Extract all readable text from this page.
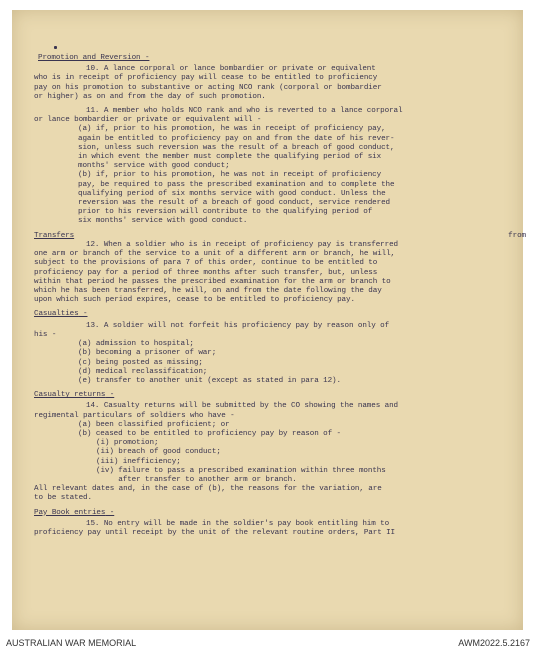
Promotion and Reversion -
10. A lance corporal or lance bombardier or private or equivalent
who is in receipt of proficiency pay will cease to be entitled to proficiency
pay on his promotion to substantive or acting NCO rank (corporal or bombardier
or higher) as on and from the day of such promotion.
11. A member who holds NCO rank and who is reverted to a lance corporal
or lance bombardier or private or equivalent will -
(a) if, prior to his promotion, he was in receipt of proficiency pay,
again be entitled to proficiency pay on and from the date of his rever-
sion, unless such reversion was the result of a breach of good conduct,
in which event the member must complete the qualifying period of six
months' service with good conduct;
(b) if, prior to his promotion, he was not in receipt of proficiency
pay, be required to pass the prescribed examination and to complete the
qualifying period of six months service with good conduct. Unless the
reversion was the result of a breach of good conduct, service rendered
prior to his reversion will contribute to the qualifying period of
six months' service with good conduct.
Transfers	from
12. When a soldier who is in receipt of proficiency pay is transferred
one arm or branch of the service to a unit of a different arm or branch, he will,
subject to the provisions of para 7 of this order, continue to be entitled to
proficiency pay for a period of three months after such transfer, but, unless
within that period he passes the prescribed examination for the arm or branch to
which he has been transferred, he will, on and from the date following the day
upon which such period expires, cease to be entitled to proficiency pay.
Casualties -
13. A soldier will not forfeit his proficiency pay by reason only of
his -
(a) admission to hospital;
(b) becoming a prisoner of war;
(c) being posted as missing;
(d) medical reclassification;
(e) transfer to another unit (except as stated in para 12).
Casualty returns -
14. Casualty returns will be submitted by the CO showing the names and
regimental particulars of soldiers who have -
(a) been classified proficient; or
(b) ceased to be entitled to proficiency pay by reason of -
(i) promotion;
(ii) breach of good conduct;
(iii) inefficiency;
(iv) failure to pass a prescribed examination within three months
after transfer to another arm or branch.
All relevant dates and, in the case of (b), the reasons for the variation, are
to be stated.
Pay Book entries -
15. No entry will be made in the soldier's pay book entitling him to
proficiency pay until receipt by the unit of the relevant routine orders, Part II
AUSTRALIAN WAR MEMORIAL	AWM2022.5.2167
